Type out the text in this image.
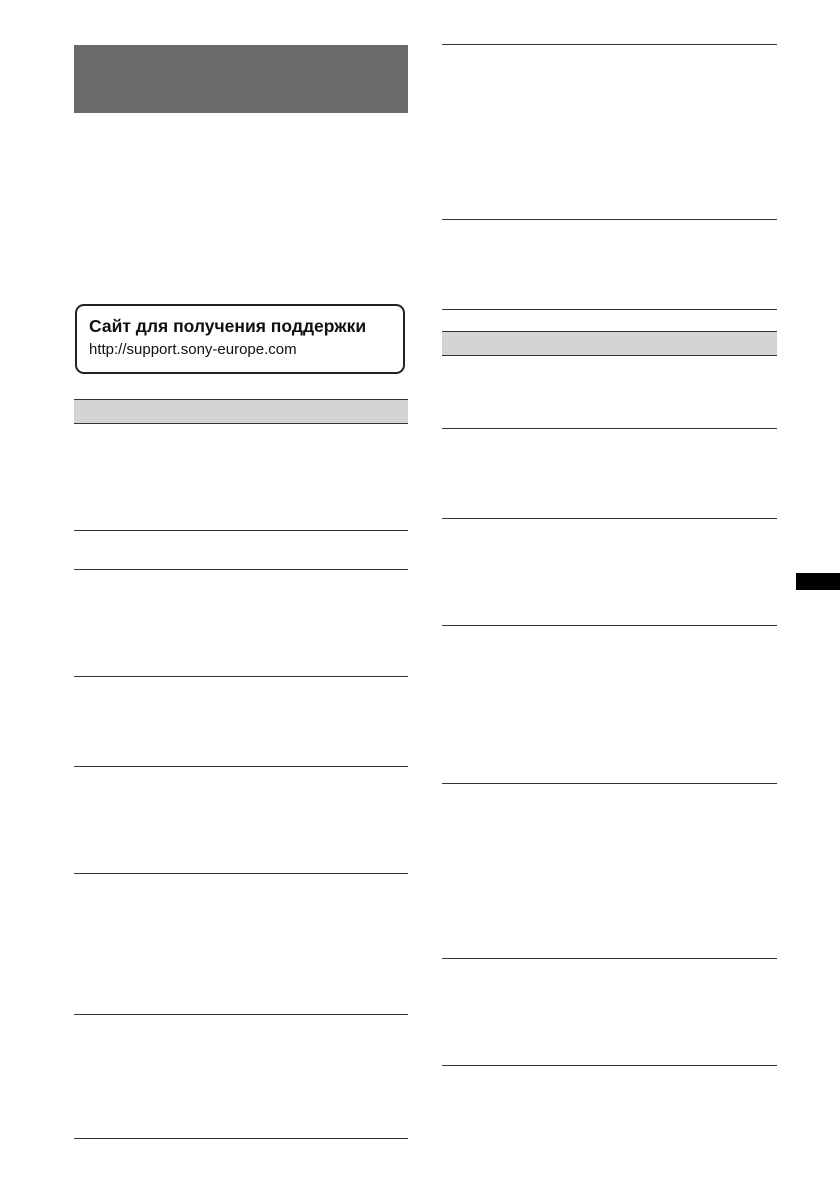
Сайт для получения поддержки
http://support.sony-europe.com
